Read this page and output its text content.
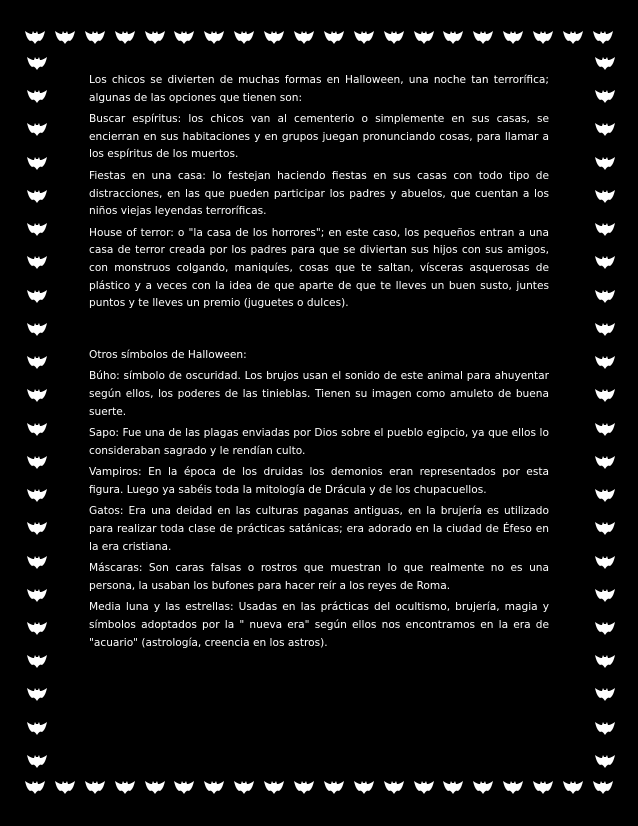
Los chicos se divierten de muchas formas en Halloween, una noche tan terrorífica; algunas de las opciones que tienen son:

Buscar espíritus: los chicos van al cementerio o simplemente en sus casas, se encierran en sus habitaciones y en grupos juegan pronunciando cosas, para llamar a los espíritus de los muertos.

Fiestas en una casa: lo festejan haciendo fiestas en sus casas con todo tipo de distracciones, en las que pueden participar los padres y abuelos, que cuentan a los niños viejas leyendas terroríficas.

House of terror: o "la casa de los horrores"; en este caso, los pequeños entran a una casa de terror creada por los padres para que se diviertan sus hijos con sus amigos, con monstruos colgando, maniquíes, cosas que te saltan, vísceras asquerosas de plástico y a veces con la idea de que aparte de que te lleves un buen susto, juntes puntos y te lleves un premio (juguetes o dulces).

Otros símbolos de Halloween:

Búho: símbolo de oscuridad. Los brujos usan el sonido de este animal para ahuyentar según ellos, los poderes de las tinieblas. Tienen su imagen como amuleto de buena suerte.

Sapo: Fue una de las plagas enviadas por Dios sobre el pueblo egipcio, ya que ellos lo consideraban sagrado y le rendían culto.

Vampiros: En la época de los druidas los demonios eran representados por esta figura. Luego ya sabéis toda la mitología de Drácula y de los chupacuellos.

Gatos: Era una deidad en las culturas paganas antiguas, en la brujería es utilizado para realizar toda clase de prácticas satánicas; era adorado en la ciudad de Éfeso en la era cristiana.

Máscaras: Son caras falsas o rostros que muestran lo que realmente no es una persona, la usaban los bufones para hacer reír a los reyes de Roma.

Media luna y las estrellas: Usadas en las prácticas del ocultismo, brujería, magia y símbolos adoptados por la " nueva era" según ellos nos encontramos en la era de "acuario" (astrología, creencia en los astros).
